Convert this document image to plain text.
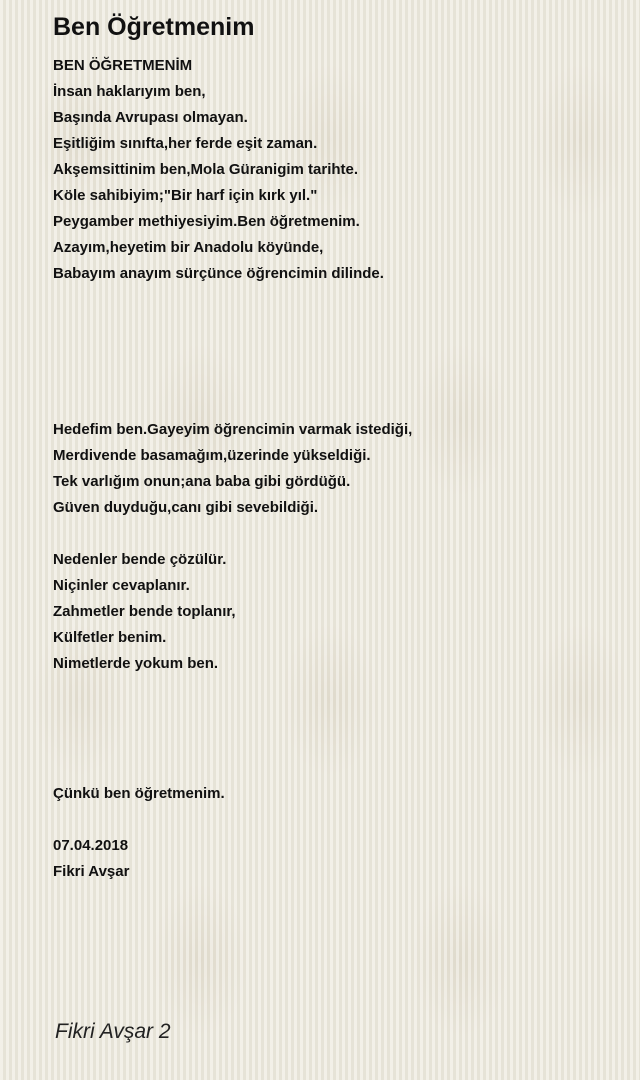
Ben Öğretmenim
BEN ÖĞRETMENİM
İnsan haklarıyım ben,
Başında Avrupası olmayan.
Eşitliğim sınıfta,her ferde eşit zaman.
Akşemsittinim ben,Mola Güranigim tarihte.
Köle sahibiyim;"Bir harf için kırk yıl."
Peygamber methiyesiyim.Ben öğretmenim.
Azayım,heyetim bir Anadolu köyünde,
Babayım anayım sürçünce öğrencimin dilinde.
Hedefim ben.Gayeyim öğrencimin varmak istediği,
Merdivende basamağım,üzerinde yükseldiği.
Tek varlığım onun;ana baba gibi gördüğü.
Güven duyduğu,canı gibi sevebildiği.
Nedenler bende çözülür.
Niçinler cevaplanır.
Zahmetler bende toplanır,
Külfetler benim.
Nimetlerde yokum ben.
Çünkü ben öğretmenim.
07.04.2018
Fikri Avşar
Fikri Avşar 2
